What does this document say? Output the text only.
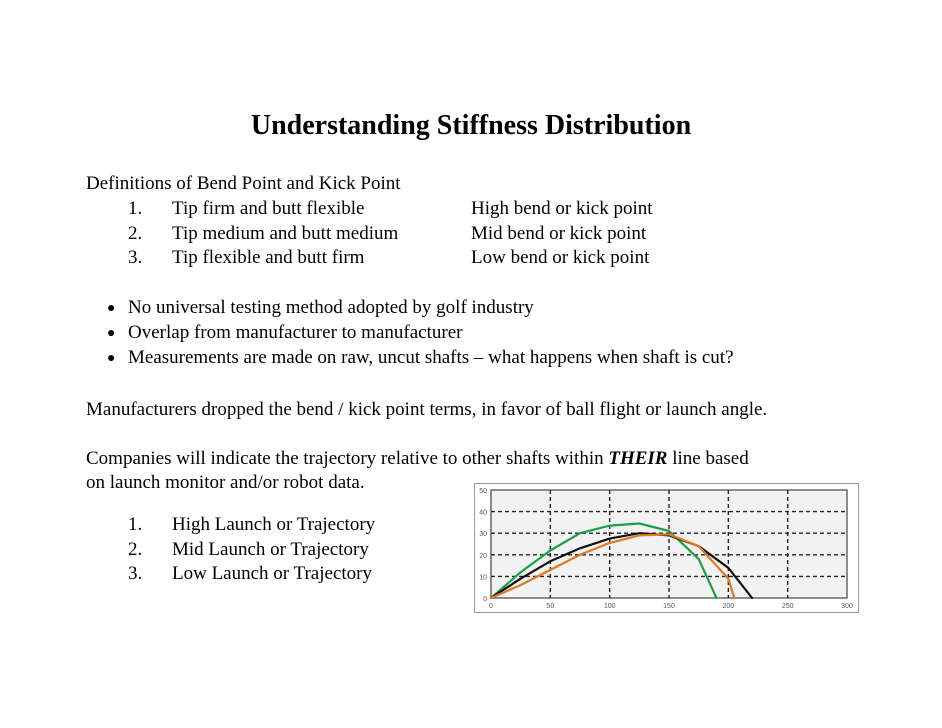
Understanding Stiffness Distribution
Definitions of Bend Point and Kick Point
1.	Tip firm and butt flexible	High bend or kick point
2.	Tip medium and butt medium	Mid bend or kick point
3.	Tip flexible and butt firm	Low bend or kick point
● No universal testing method adopted by golf industry
● Overlap from manufacturer to manufacturer
● Measurements are made on raw, uncut shafts – what happens when shaft is cut?
Manufacturers dropped the bend / kick point terms, in favor of ball flight or launch angle.
Companies will indicate the trajectory relative to other shafts within THEIR line based
on launch monitor and/or robot data.
1.	High Launch or Trajectory
2.	Mid Launch or Trajectory
3.	Low Launch or Trajectory
0	50	100	150	200	250	300
0
10
20
30
40
50
